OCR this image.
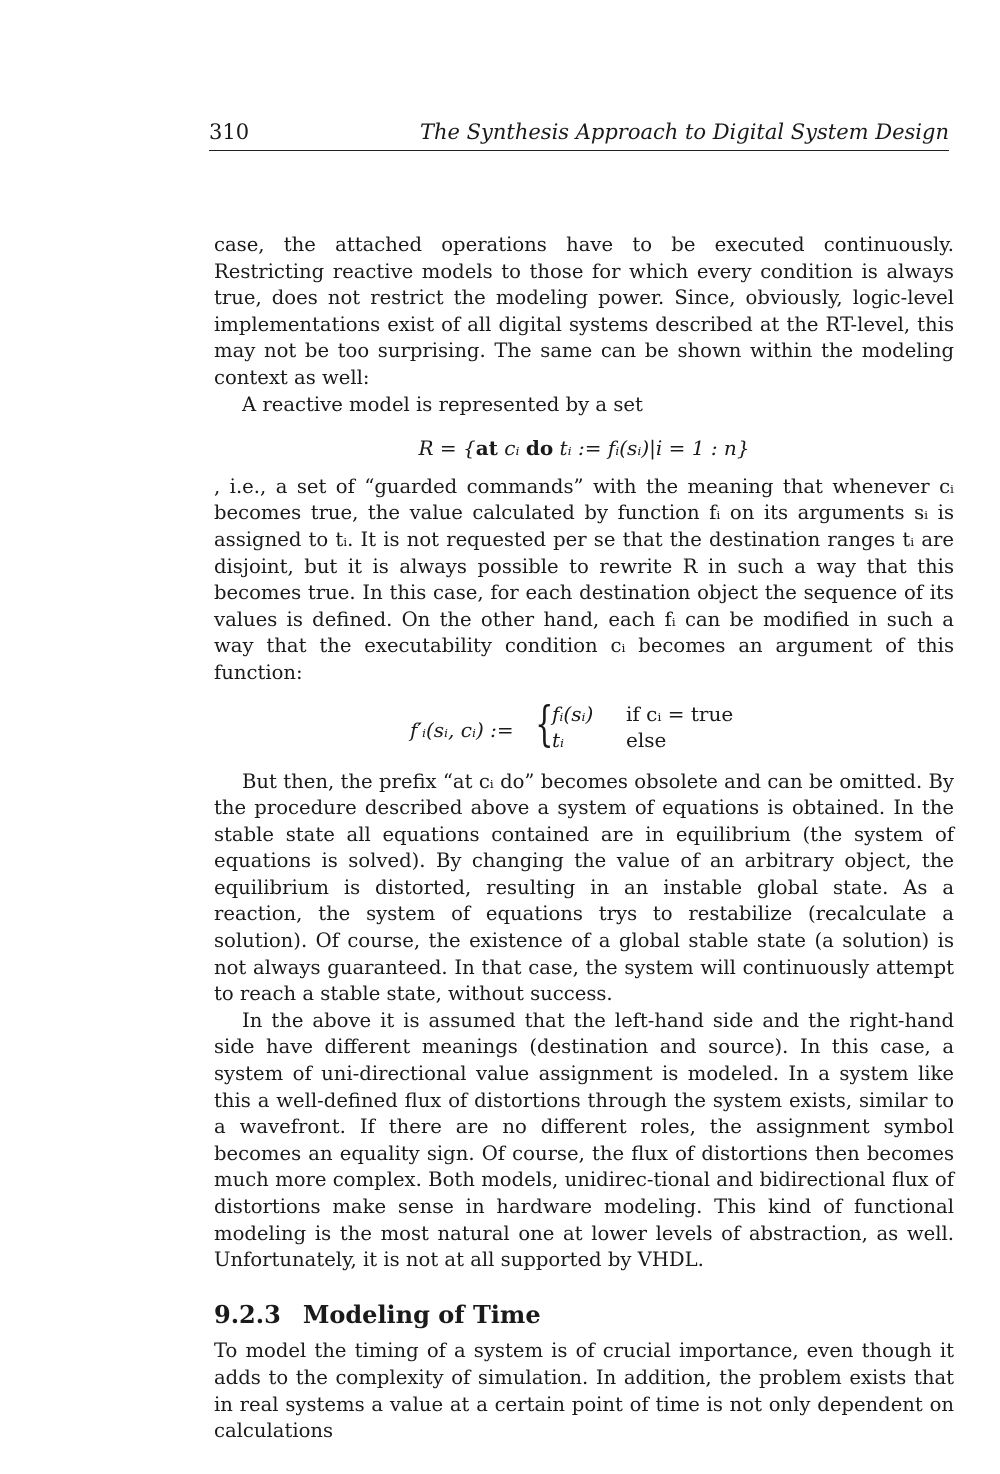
310	The Synthesis Approach to Digital System Design

case, the attached operations have to be executed continuously. Restricting reactive models to those for which every condition is always true, does not restrict the modeling power. Since, obviously, logic-level implementations exist of all digital systems described at the RT-level, this may not be too surprising. The same can be shown within the modeling context as well:

A reactive model is represented by a set

R = {at cᵢ do tᵢ := fᵢ(sᵢ)|i = 1 : n}

, i.e., a set of “guarded commands” with the meaning that whenever cᵢ becomes true, the value calculated by function fᵢ on its arguments sᵢ is assigned to tᵢ. It is not requested per se that the destination ranges tᵢ are disjoint, but it is always possible to rewrite R in such a way that this becomes true. In this case, for each destination object the sequence of its values is defined. On the other hand, each fᵢ can be modified in such a way that the executability condition cᵢ becomes an argument of this function:

f′ᵢ(sᵢ, cᵢ) := {
fᵢ(sᵢ) if cᵢ = true
tᵢ	else

But then, the prefix “at cᵢ do” becomes obsolete and can be omitted. By the procedure described above a system of equations is obtained. In the stable state all equations contained are in equilibrium (the system of equations is solved). By changing the value of an arbitrary object, the equilibrium is distorted, resulting in an instable global state. As a reaction, the system of equations trys to restabilize (recalculate a solution). Of course, the existence of a global stable state (a solution) is not always guaranteed. In that case, the system will continuously attempt to reach a stable state, without success.

In the above it is assumed that the left-hand side and the right-hand side have different meanings (destination and source). In this case, a system of uni-directional value assignment is modeled. In a system like this a well-defined flux of distortions through the system exists, similar to a wavefront. If there are no different roles, the assignment symbol becomes an equality sign. Of course, the flux of distortions then becomes much more complex. Both models, unidirec-tional and bidirectional flux of distortions make sense in hardware modeling. This kind of functional modeling is the most natural one at lower levels of abstraction, as well. Unfortunately, it is not at all supported by VHDL.

9.2.3 Modeling of Time

To model the timing of a system is of crucial importance, even though it adds to the complexity of simulation. In addition, the problem exists that in real systems a value at a certain point of time is not only dependent on calculations
